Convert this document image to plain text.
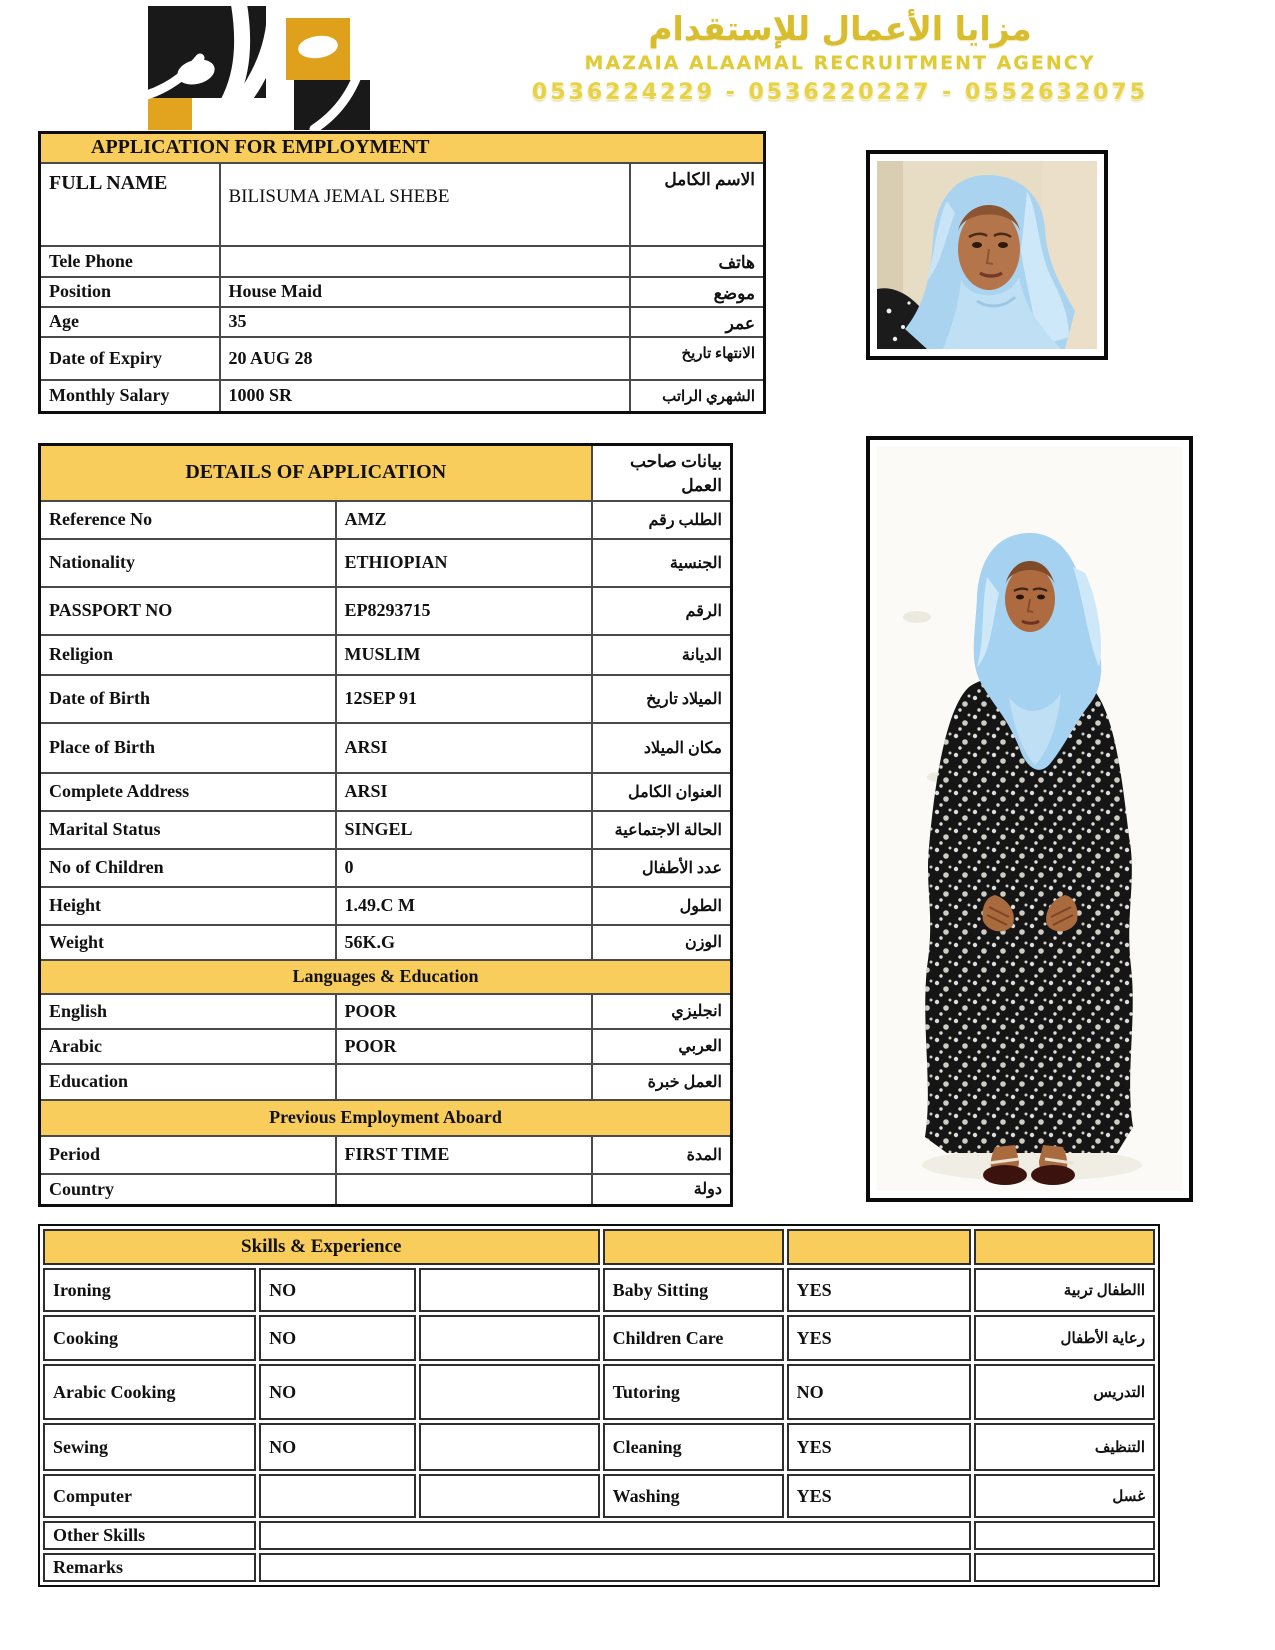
مزايا الأعمال للإستقدام
MAZAIA ALAAMAL RECRUITMENT AGENCY
0536224229 - 0536220227 - 0552632075
APPLICATION FOR EMPLOYMENT		
FULL NAME	BILISUMA JEMAL SHEBE	الاسم الكامل
Tele Phone		هاتف
Position	House Maid	موضع
Age	35	عمر
Date of Expiry	20 AUG 28	الانتهاء تاريخ
Monthly Salary	1000 SR	الشهري الراتب
DETAILS OF APPLICATION		بيانات صاحب العمل
Reference No	AMZ	الطلب رقم
Nationality	ETHIOPIAN	الجنسية
PASSPORT NO	EP8293715	الرقم
Religion	MUSLIM	الديانة
Date of Birth	12SEP 91	الميلاد تاريخ
Place of Birth	ARSI	مكان الميلاد
Complete Address	ARSI	العنوان الكامل
Marital Status	SINGEL	الحالة الاجتماعية
No of Children	0	عدد الأطفال
Height	1.49.C M	الطول
Weight	56K.G	الوزن
Languages & Education		
English	POOR	انجليزي
Arabic	POOR	العربي
Education		العمل خبرة
Previous Employment Aboard		
Period	FIRST TIME	المدة
Country		دولة
Skills & Experience					
Ironing	NO		Baby Sitting	YES	االطفال تربية
Cooking	NO		Children Care	YES	رعاية الأطفال
Arabic Cooking	NO		Tutoring	NO	التدريس
Sewing	NO		Cleaning	YES	التنظيف
Computer			Washing	YES	غسل
Other Skills					
Remarks					
